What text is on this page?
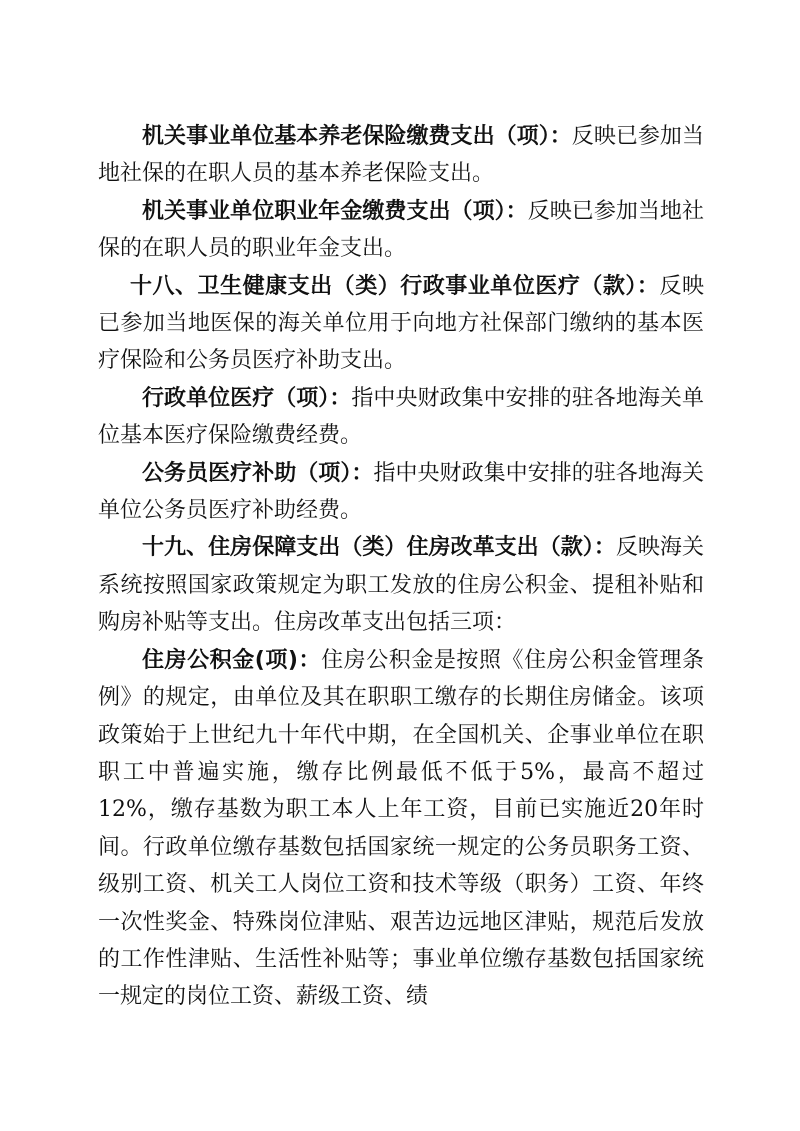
机关事业单位基本养老保险缴费支出（项）：反映已参加当地社保的在职人员的基本养老保险支出。

机关事业单位职业年金缴费支出（项）：反映已参加当地社保的在职人员的职业年金支出。

十八、卫生健康支出（类）行政事业单位医疗（款）：反映已参加当地医保的海关单位用于向地方社保部门缴纳的基本医疗保险和公务员医疗补助支出。

行政单位医疗（项）：指中央财政集中安排的驻各地海关单位基本医疗保险缴费经费。

公务员医疗补助（项）：指中央财政集中安排的驻各地海关单位公务员医疗补助经费。

十九、住房保障支出（类）住房改革支出（款）：反映海关系统按照国家政策规定为职工发放的住房公积金、提租补贴和购房补贴等支出。住房改革支出包括三项：

住房公积金(项)：住房公积金是按照《住房公积金管理条例》的规定，由单位及其在职职工缴存的长期住房储金。该项政策始于上世纪九十年代中期，在全国机关、企事业单位在职职工中普遍实施，缴存比例最低不低于5%，最高不超过12%，缴存基数为职工本人上年工资，目前已实施近20年时间。行政单位缴存基数包括国家统一规定的公务员职务工资、级别工资、机关工人岗位工资和技术等级（职务）工资、年终一次性奖金、特殊岗位津贴、艰苦边远地区津贴，规范后发放的工作性津贴、生活性补贴等；事业单位缴存基数包括国家统一规定的岗位工资、薪级工资、绩
